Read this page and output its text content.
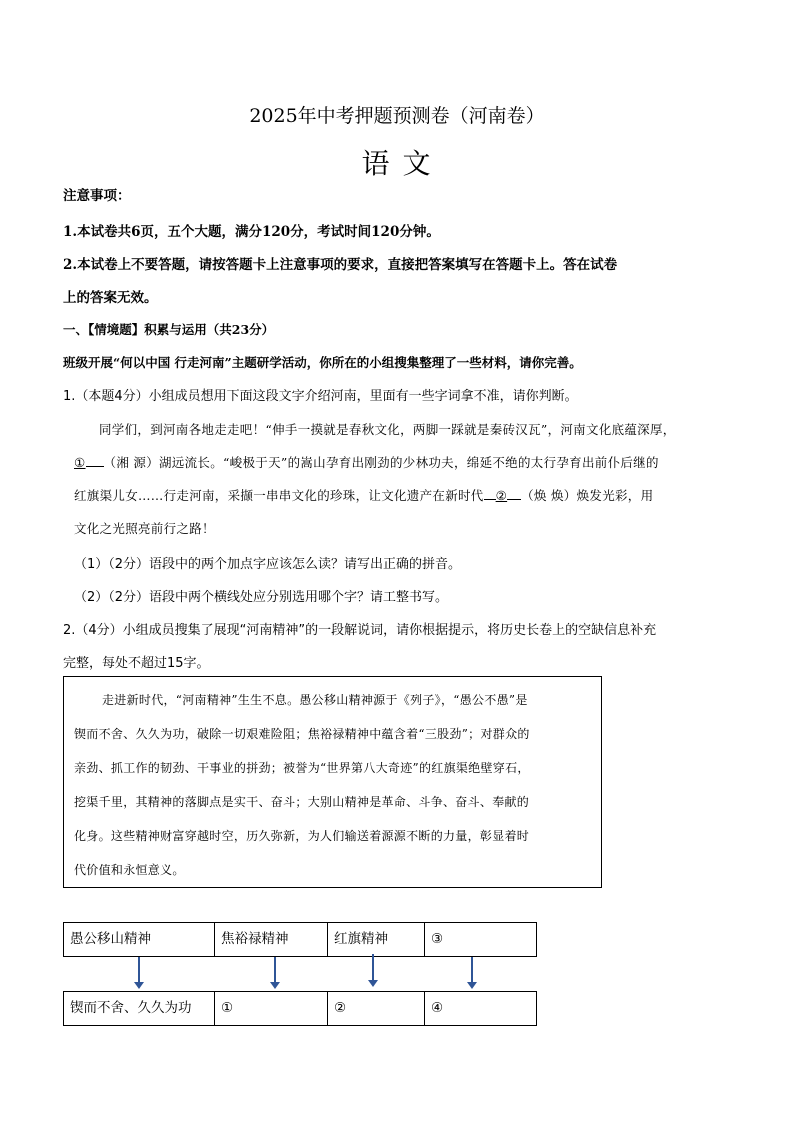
2025年中考押题预测卷（河南卷）
语 文
注意事项：
1.本试卷共6页，五个大题，满分120分，考试时间120分钟。
2.本试卷上不要答题，请按答题卡上注意事项的要求，直接把答案填写在答题卡上。答在试卷
上的答案无效。
一、【情境题】积累与运用（共23分）
班级开展“何以中国 行走河南”主题研学活动，你所在的小组搜集整理了一些材料，请你完善。
1.（本题4分）小组成员想用下面这段文字介绍河南，里面有一些字词拿不准，请你判断。
同学们，到河南各地走走吧！“伸手一摸就是春秋文化，两脚一踩就是秦砖汉瓦”，河南文化底蕴深厚，
① （湘 源）湖远流长。“峻极于天”的嵩山孕育出刚劲的少林功夫，绵延不绝的太行孕育出前仆后继的
红旗渠儿女……行走河南，采撷一串串文化的珍珠，让文化遗产在新时代 ② （焕 焕）焕发光彩，用
文化之光照亮前行之路！
（1）（2分）语段中的两个加点字应该怎么读？请写出正确的拼音。
（2）（2分）语段中两个横线处应分别选用哪个字？请工整书写。
2.（4分）小组成员搜集了展现“河南精神”的一段解说词，请你根据提示，将历史长卷上的空缺信息补充
完整，每处不超过15字。
走进新时代，“河南精神”生生不息。愚公移山精神源于《列子》，“愚公不愚”是
锲而不舍、久久为功，破除一切艰难险阻；焦裕禄精神中蕴含着“三股劲”；对群众的
亲劲、抓工作的韧劲、干事业的拼劲；被誉为“世界第八大奇迹”的红旗渠绝壁穿石，
挖渠千里，其精神的落脚点是实干、奋斗；大别山精神是革命、斗争、奋斗、奉献的
化身。这些精神财富穿越时空，历久弥新，为人们输送着源源不断的力量，彰显着时
代价值和永恒意义。
愚公移山精神	焦裕禄精神	红旗精神	③
锲而不舍、久久为功	①	②	④
